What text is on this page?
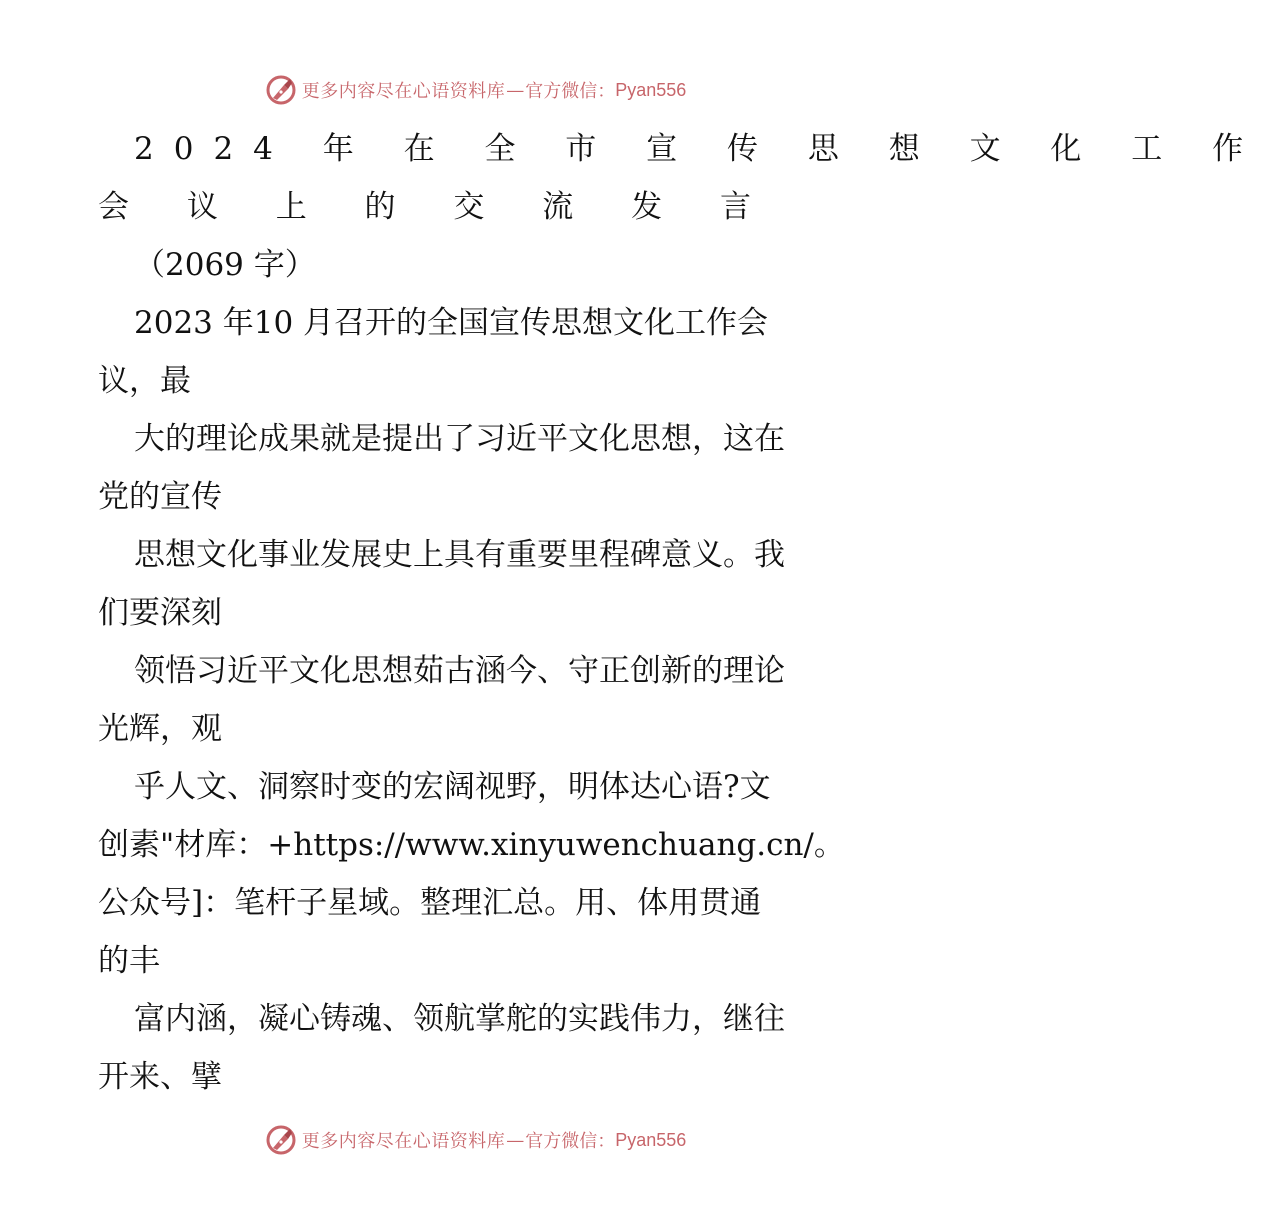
更多内容尽在心语资料库 — 官方微信： Pyan556
2024 年 在 全 市 宣 传 思 想 文 化 工 作
会 议 上 的 交 流 发 言
（2069 字）
2023 年10 月召开的全国宣传思想文化工作会
议，最
大的理论成果就是提出了习近平文化思想，这在
党的宣传
思想文化事业发展史上具有重要里程碑意义。我
们要深刻
领悟习近平文化思想茹古涵今、守正创新的理论
光辉，观
乎人文、洞察时变的宏阔视野，明体达心语?文
创素"材库：+https://www.xinyuwenchuang.cn/。
公众号]：笔杆子星域。整理汇总。用、体用贯通
的丰
富内涵，凝心铸魂、领航掌舵的实践伟力，继往
开来、擘
更多内容尽在心语资料库 — 官方微信： Pyan556
